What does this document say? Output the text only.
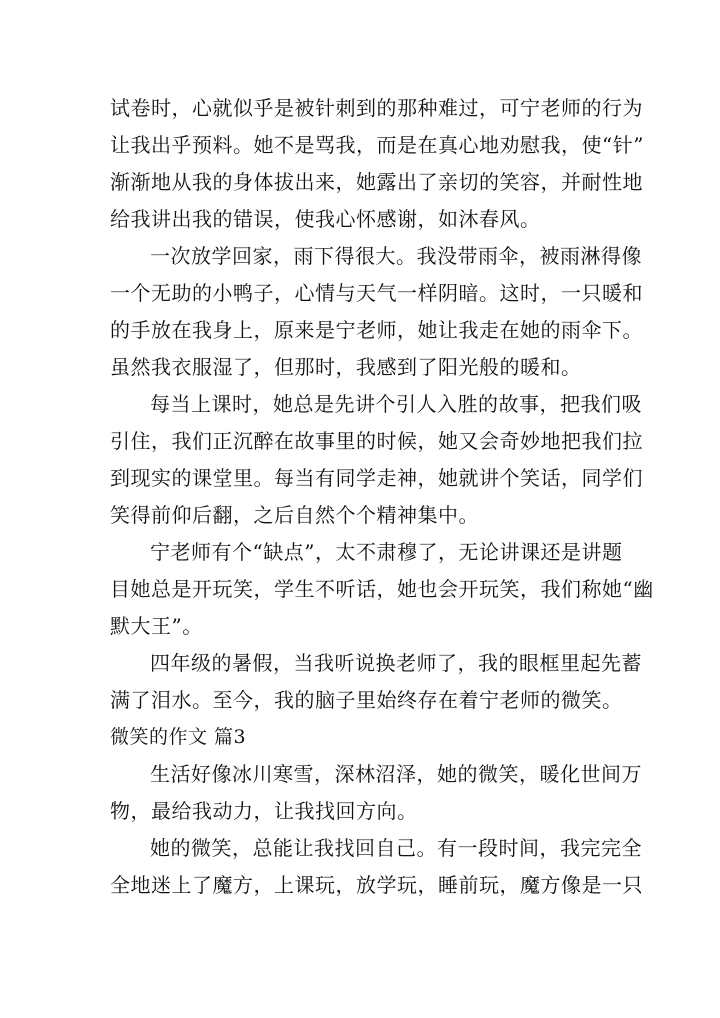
试卷时，心就似乎是被针刺到的那种难过，可宁老师的行为
让我出乎预料。她不是骂我，而是在真心地劝慰我，使“针”
渐渐地从我的身体拔出来，她露出了亲切的笑容，并耐性地
给我讲出我的错误，使我心怀感谢，如沐春风。
一次放学回家，雨下得很大。我没带雨伞，被雨淋得像
一个无助的小鸭子，心情与天气一样阴暗。这时，一只暖和
的手放在我身上，原来是宁老师，她让我走在她的雨伞下。
虽然我衣服湿了，但那时，我感到了阳光般的暖和。
每当上课时，她总是先讲个引人入胜的故事，把我们吸
引住，我们正沉醉在故事里的时候，她又会奇妙地把我们拉
到现实的课堂里。每当有同学走神，她就讲个笑话，同学们
笑得前仰后翻，之后自然个个精神集中。
宁老师有个“缺点”，太不肃穆了，无论讲课还是讲题
目她总是开玩笑，学生不听话，她也会开玩笑，我们称她“幽
默大王”。
四年级的暑假，当我听说换老师了，我的眼框里起先蓄
满了泪水。至今，我的脑子里始终存在着宁老师的微笑。
微笑的作文 篇3
生活好像冰川寒雪，深林沼泽，她的微笑，暖化世间万
物，最给我动力，让我找回方向。
她的微笑，总能让我找回自己。有一段时间，我完完全
全地迷上了魔方，上课玩，放学玩，睡前玩，魔方像是一只
